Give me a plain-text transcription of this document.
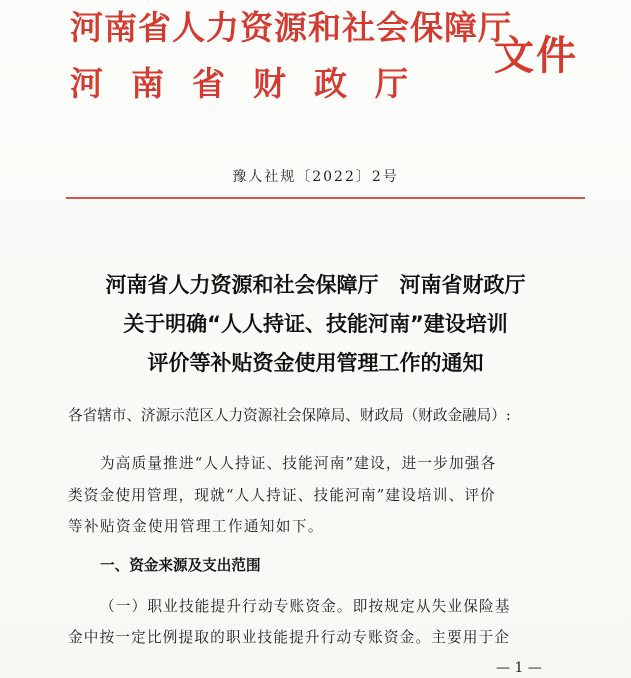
河南省人力资源和社会保障厅
河南省财政厅
文件
豫人社规〔2022〕2号
河南省人力资源和社会保障厅　河南省财政厅
关于明确“人人持证、技能河南”建设培训
评价等补贴资金使用管理工作的通知
各省辖市、济源示范区人力资源社会保障局、财政局（财政金融局）:
为高质量推进“人人持证、技能河南”建设，进一步加强各
类资金使用管理，现就“人人持证、技能河南”建设培训、评价
等补贴资金使用管理工作通知如下。
一、资金来源及支出范围
（一）职业技能提升行动专账资金。即按规定从失业保险基
金中按一定比例提取的职业技能提升行动专账资金。主要用于企
— 1 —
